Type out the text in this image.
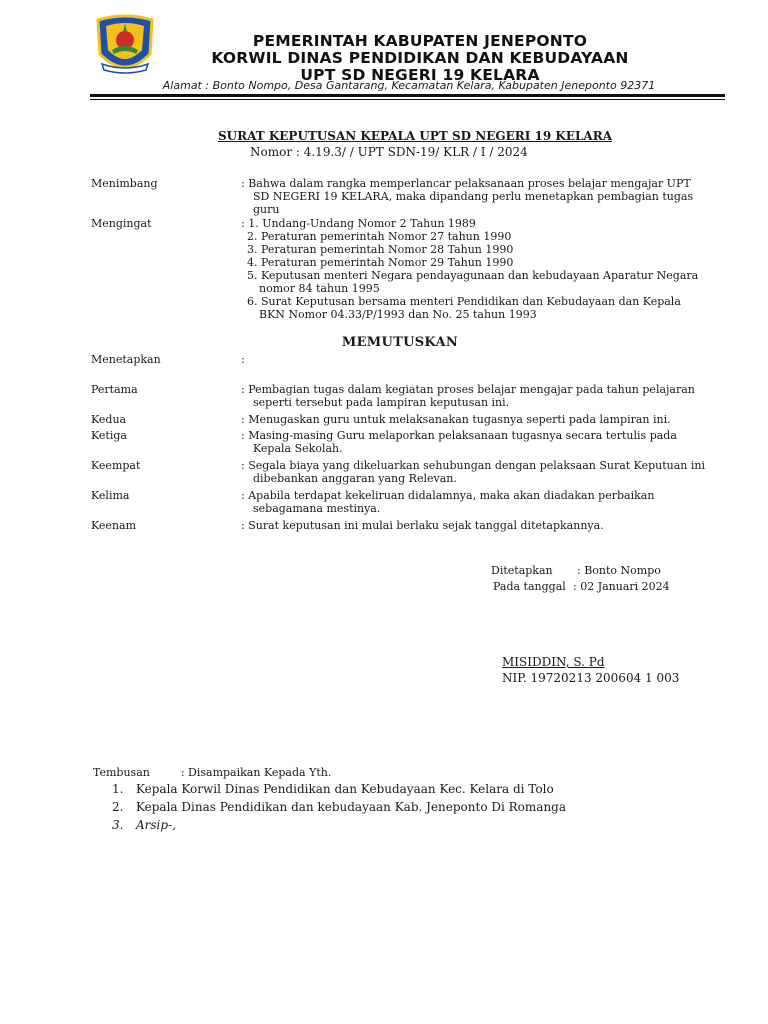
PEMERINTAH KABUPATEN JENEPONTO
KORWIL DINAS PENDIDIKAN DAN KEBUDAYAAN
UPT SD NEGERI 19 KELARA
Alamat : Bonto Nompo, Desa Gantarang, Kecamatan Kelara, Kabupaten Jeneponto 92371
SURAT KEPUTUSAN KEPALA UPT SD NEGERI 19 KELARA
Nomor : 4.19.3/ / UPT SDN-19/ KLR / I / 2024
Menimbang	: Bahwa dalam rangka memperlancar pelaksanaan proses belajar mengajar UPT
SD NEGERI 19 KELARA, maka dipandang perlu menetapkan pembagian tugas
guru
Mengingat	: 1. Undang-Undang Nomor 2 Tahun 1989
2. Peraturan pemerintah Nomor 27 tahun 1990
3. Peraturan pemerintah Nomor 28 Tahun 1990
4. Peraturan pemerintah Nomor 29 Tahun 1990
5. Keputusan menteri Negara pendayagunaan dan kebudayaan Aparatur Negara
nomor 84 tahun 1995
6. Surat Keputusan bersama menteri Pendidikan dan Kebudayaan dan Kepala
BKN Nomor 04.33/P/1993 dan No. 25 tahun 1993
MEMUTUSKAN
Menetapkan	:
Pertama	: Pembagian tugas dalam kegiatan proses belajar mengajar pada tahun pelajaran
seperti tersebut pada lampiran keputusan ini.
Kedua	: Menugaskan guru untuk melaksanakan tugasnya seperti pada lampiran ini.
Ketiga	: Masing-masing Guru melaporkan pelaksanaan tugasnya secara tertulis pada
Kepala Sekolah.
Keempat	: Segala biaya yang dikeluarkan sehubungan dengan pelaksaan Surat Keputuan ini
dibebankan anggaran yang Relevan.
Kelima	: Apabila terdapat kekeliruan didalamnya, maka akan diadakan perbaikan
sebagamana mestinya.
Keenam	: Surat keputusan ini mulai berlaku sejak tanggal ditetapkannya.
Ditetapkan : Bonto Nompo
Pada tanggal : 02 Januari 2024
MISIDDIN, S. Pd
NIP. 19720213 200604 1 003
Tembusan	: Disampaikan Kepada Yth.
1.	Kepala Korwil Dinas Pendidikan dan Kebudayaan Kec. Kelara di Tolo
2.	Kepala Dinas Pendidikan dan kebudayaan Kab. Jeneponto Di Romanga
3.	Arsip-,
